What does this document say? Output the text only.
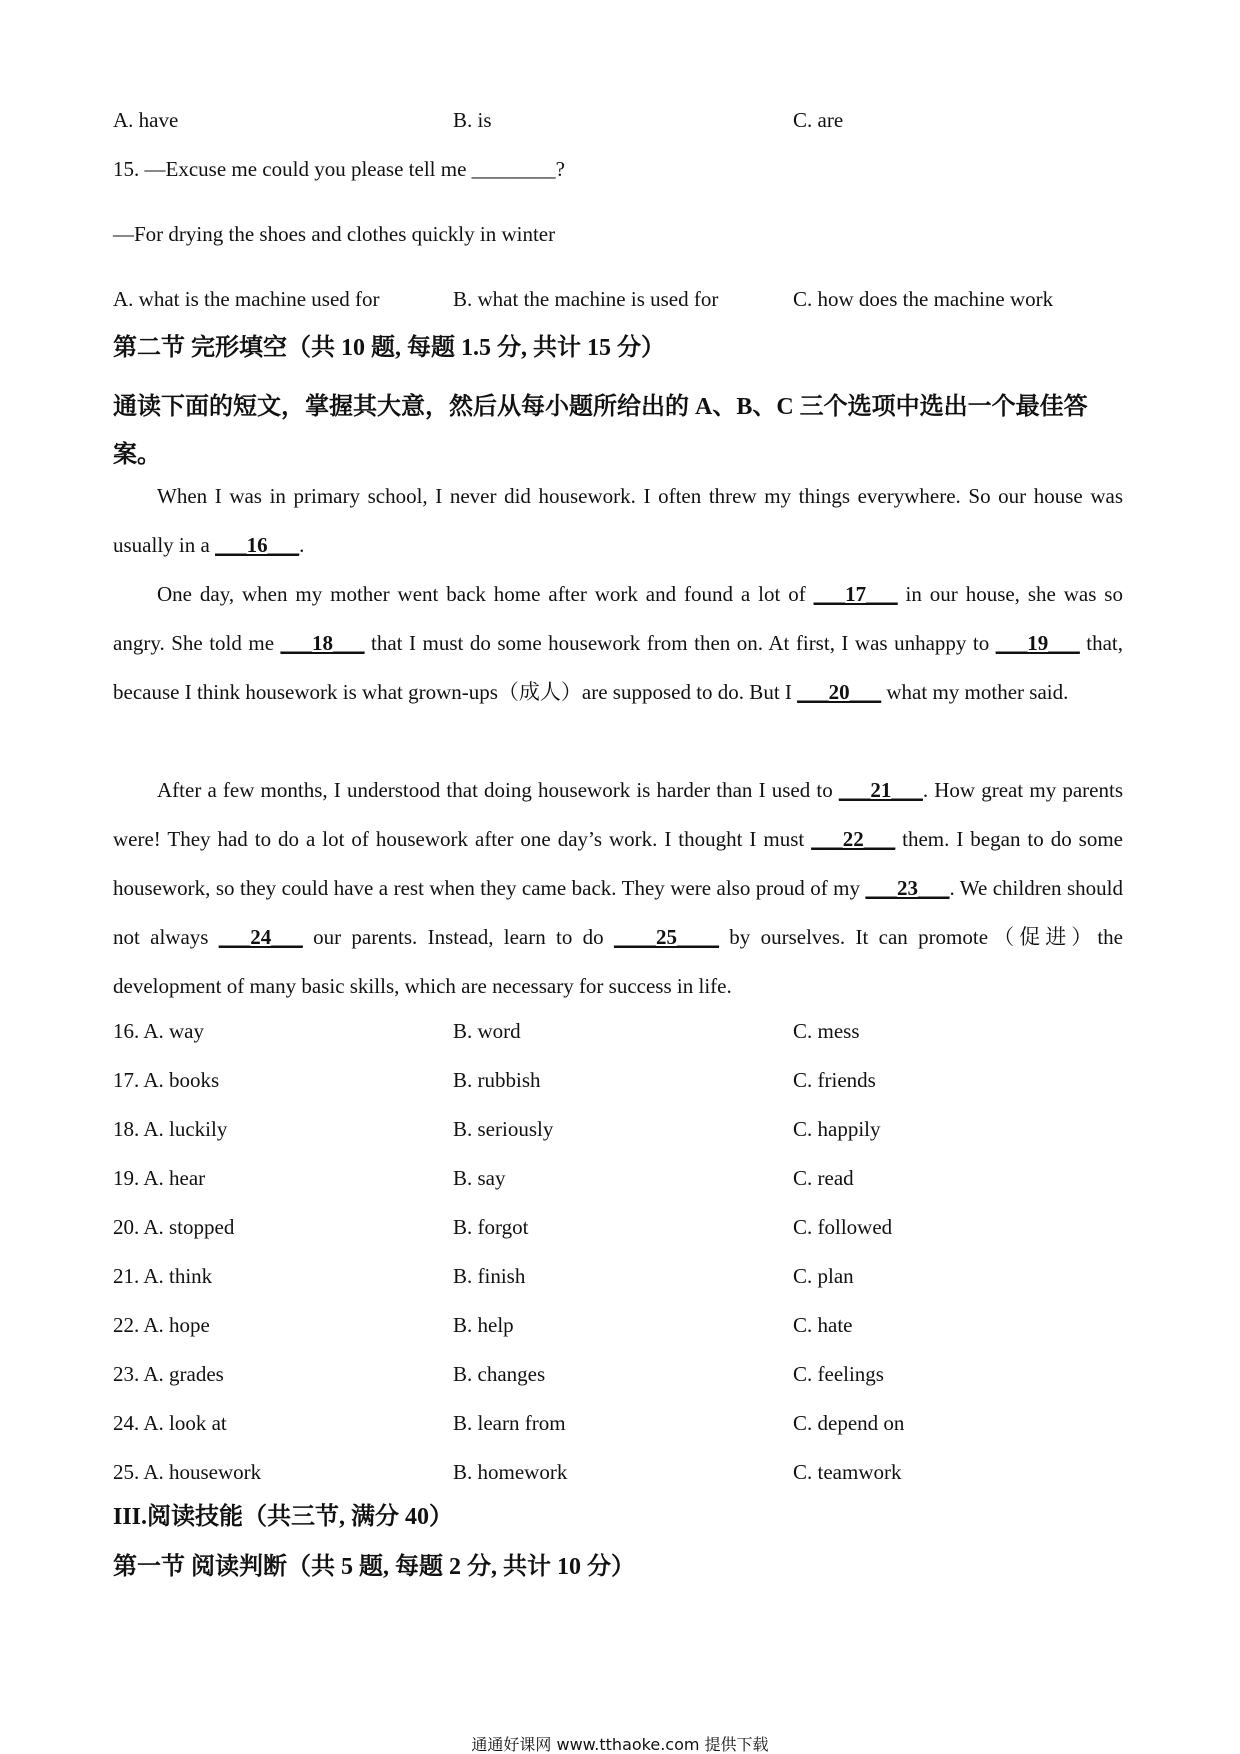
A. have	B. is	C. are
15. —Excuse me could you please tell me ________?
—For drying the shoes and clothes quickly in winter
A. what is the machine used for	B. what the machine is used for	C. how does the machine work
第二节 完形填空（共 10 题, 每题 1.5 分, 共计 15 分）
通读下面的短文，掌握其大意，然后从每小题所给出的 A、B、C 三个选项中选出一个最佳答案。
When I was in primary school, I never did housework. I often threw my things everywhere. So our house was usually in a ___16___.
One day, when my mother went back home after work and found a lot of ___17___ in our house, she was so angry. She told me ___18___ that I must do some housework from then on. At first, I was unhappy to ___19___ that, because I think housework is what grown-ups（成人）are supposed to do. But I ___20___ what my mother said.
After a few months, I understood that doing housework is harder than I used to ___21___. How great my parents were! They had to do a lot of housework after one day’s work. I thought I must ___22___ them. I began to do some housework, so they could have a rest when they came back. They were also proud of my ___23___. We children should not always ___24___ our parents. Instead, learn to do ____25____ by ourselves. It can promote（促进）the development of many basic skills, which are necessary for success in life.
16. A. way	B. word	C. mess
17. A. books	B. rubbish	C. friends
18. A. luckily	B. seriously	C. happily
19. A. hear	B. say	C. read
20. A. stopped	B. forgot	C. followed
21. A. think	B. finish	C. plan
22. A. hope	B. help	C. hate
23. A. grades	B. changes	C. feelings
24. A. look at	B. learn from	C. depend on
25. A. housework	B. homework	C. teamwork
III.阅读技能（共三节, 满分 40）
第一节 阅读判断（共 5 题, 每题 2 分, 共计 10 分）
通通好课网 www.tthaoke.com 提供下载
